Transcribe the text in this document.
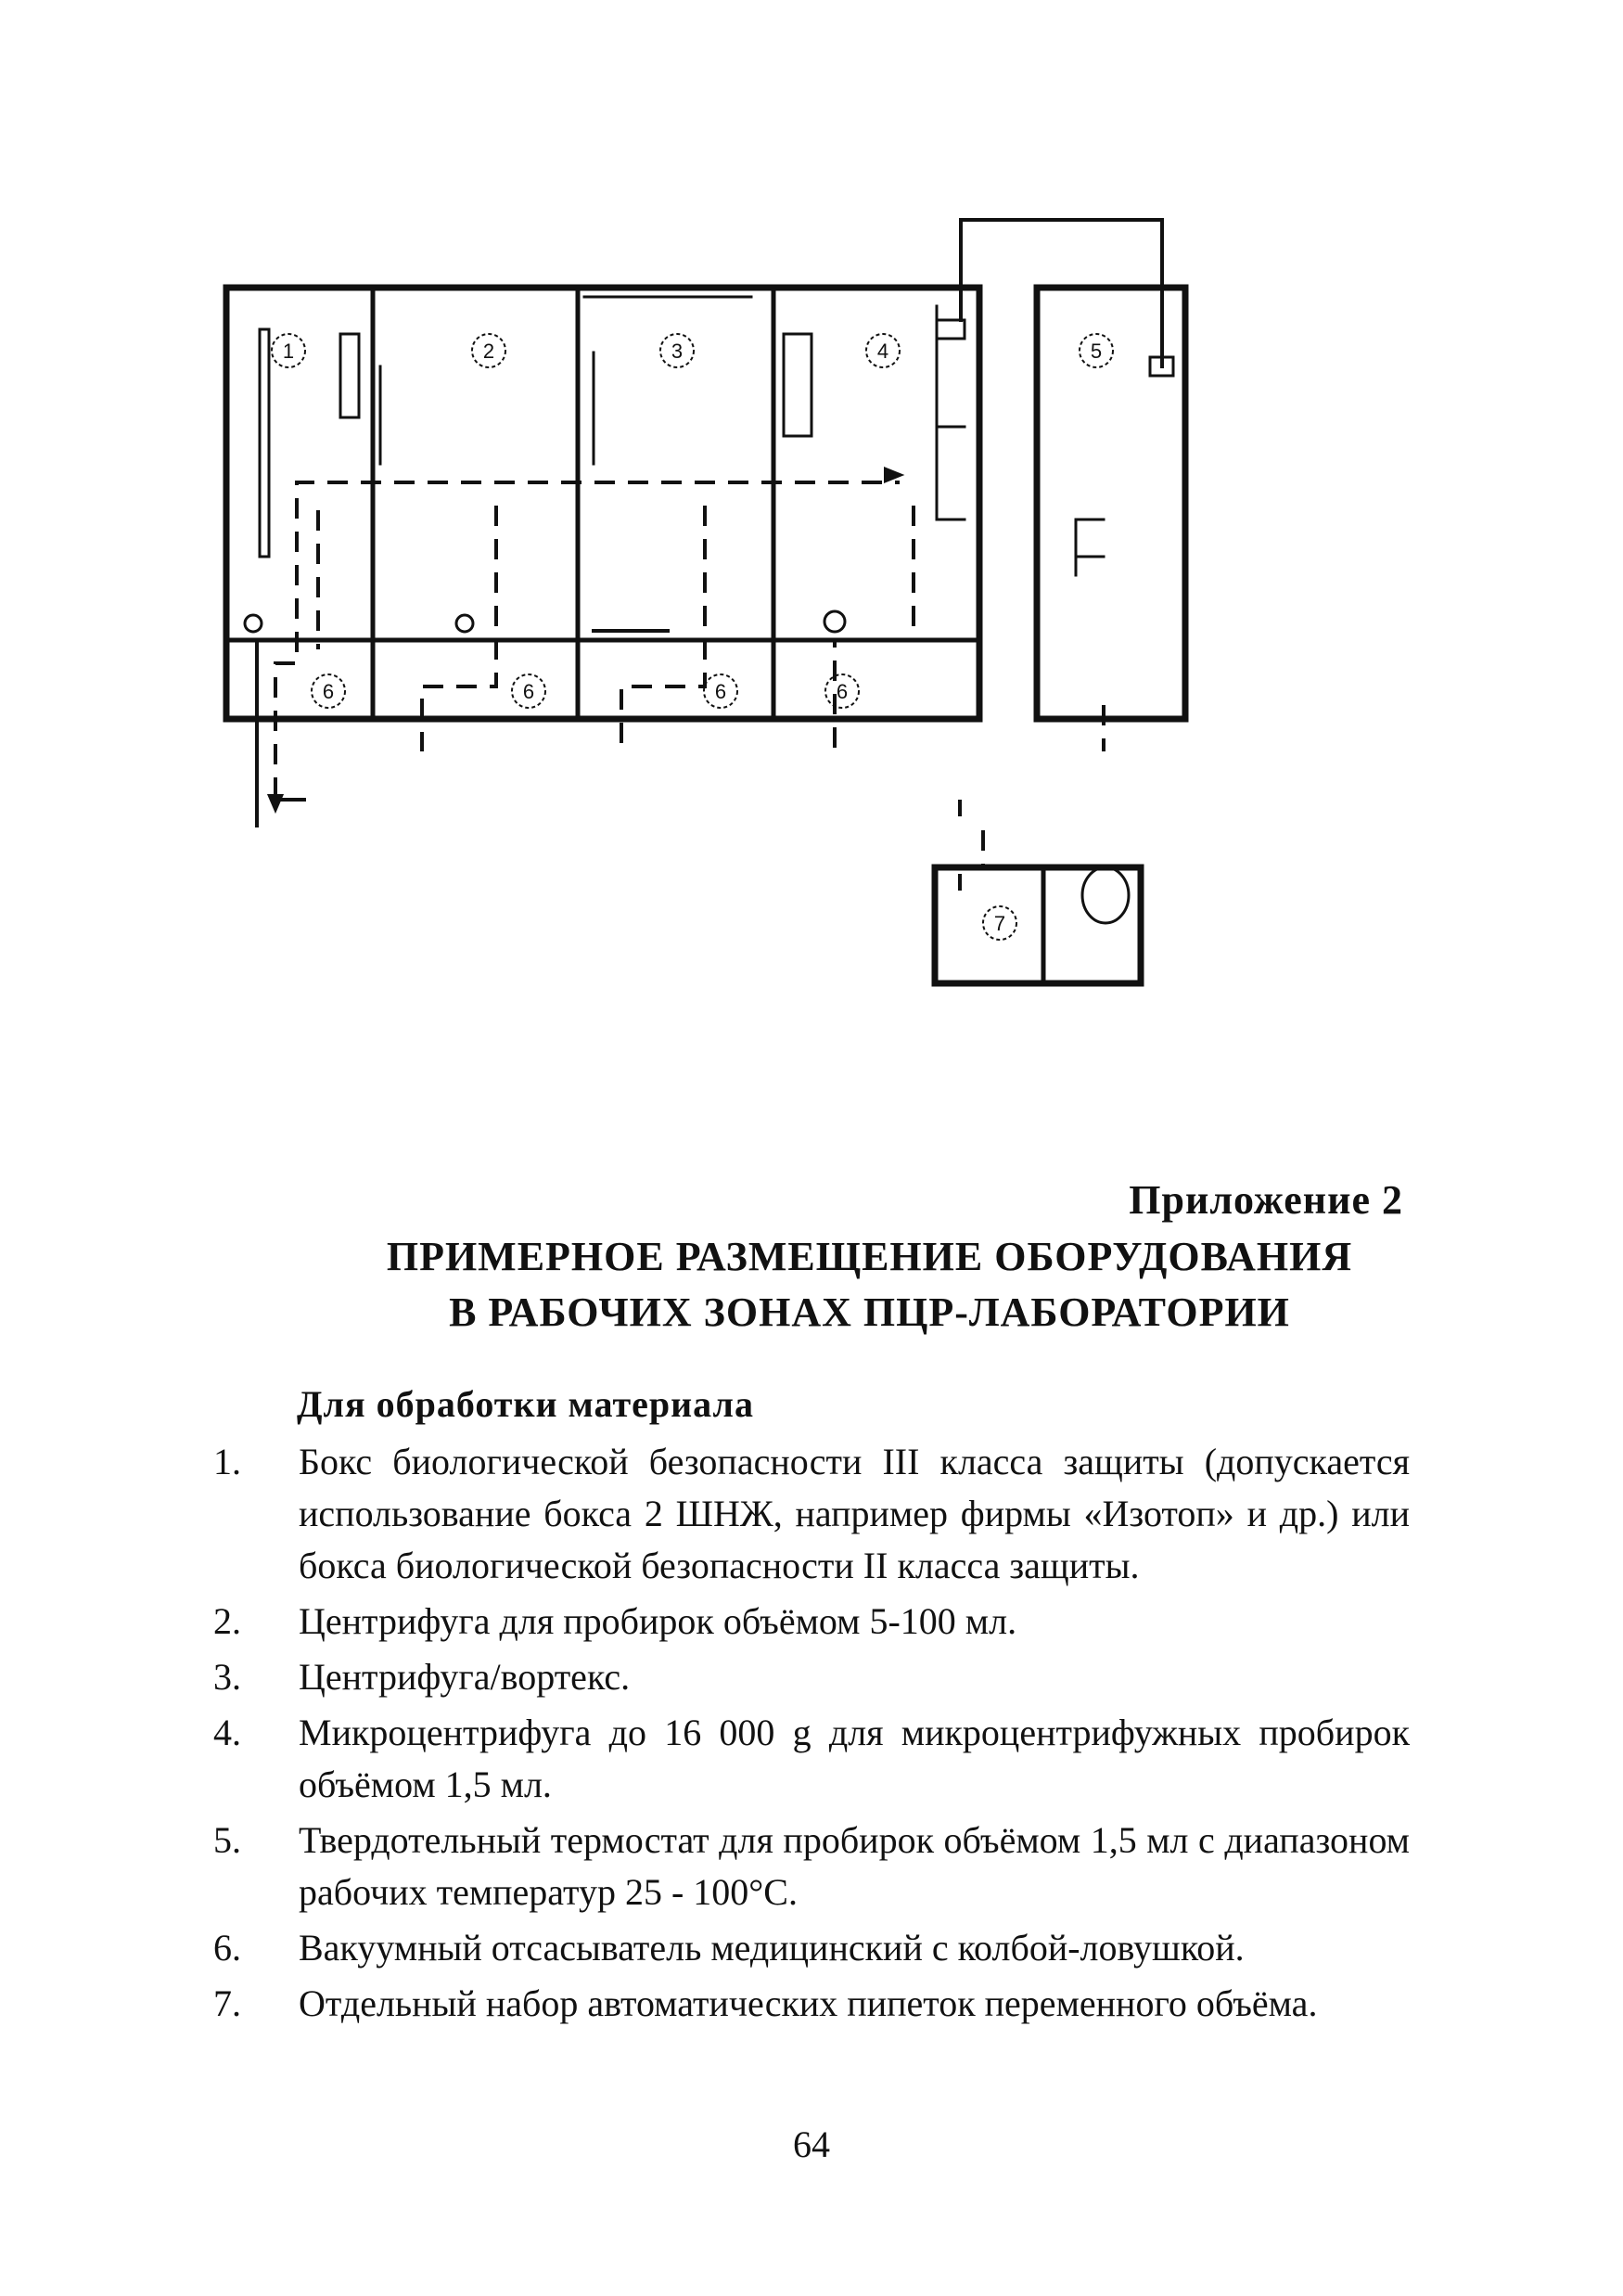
1	2	3	4	5
6	6	6	6
7
Приложение 2
ПРИМЕРНОЕ РАЗМЕЩЕНИЕ ОБОРУДОВАНИЯ
В РАБОЧИХ ЗОНАХ ПЦР-ЛАБОРАТОРИИ
Для обработки материала
1. Бокс биологической безопасности III класса защиты (допускается использование бокса 2 ШНЖ, например фирмы «Изотоп» и др.) или бокса биологической безопасности II класса защиты.
2. Центрифуга для пробирок объёмом 5-100 мл.
3. Центрифуга/вортекс.
4. Микроцентрифуга до 16 000 g для микроцентрифужных пробирок объёмом 1,5 мл.
5. Твердотельный термостат для пробирок объёмом 1,5 мл с диапазоном рабочих температур 25 - 100°С.
6. Вакуумный отсасыватель медицинский с колбой-ловушкой.
7. Отдельный набор автоматических пипеток переменного объёма.
64
